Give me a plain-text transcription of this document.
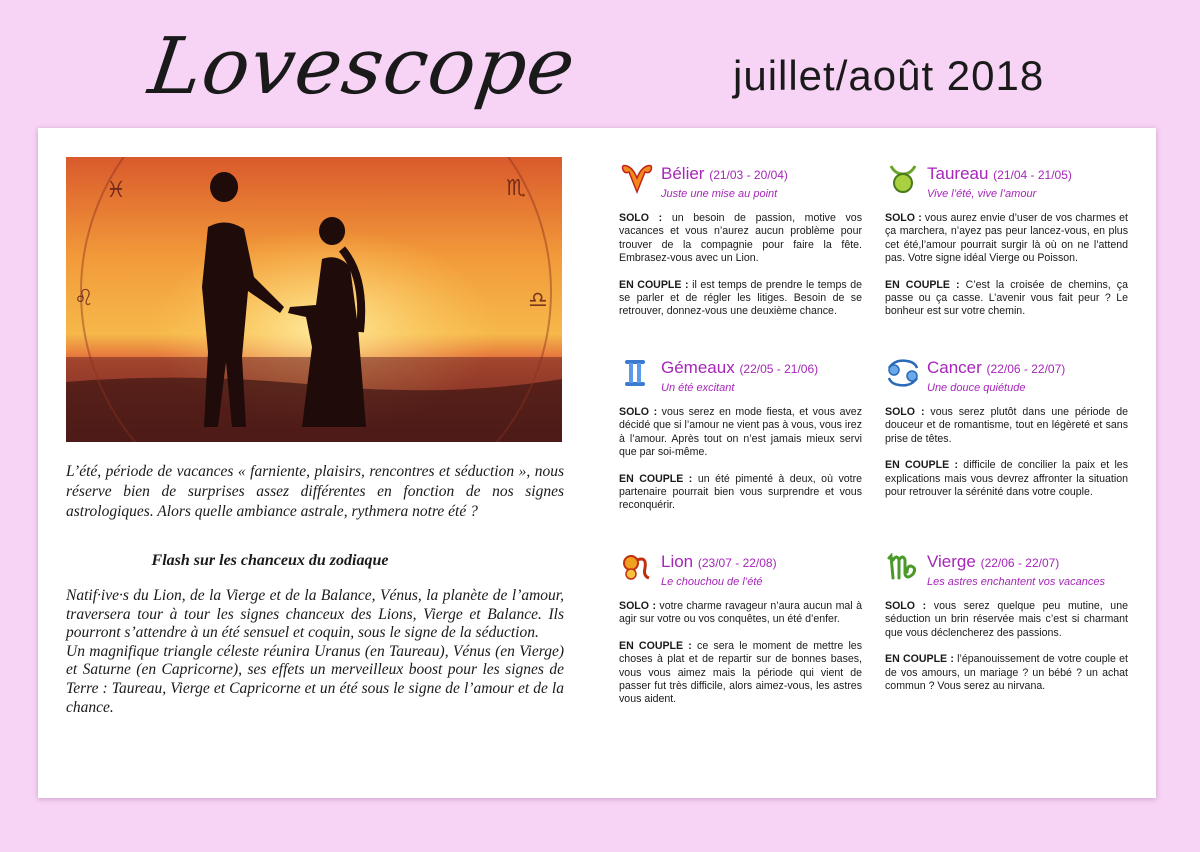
Lovescope	juillet/août 2018
♓	♏
♌	♎
L’été, période de vacances « farniente, plaisirs, rencontres et séduction », nous réserve bien de surprises assez différentes en fonction de nos signes astrologiques. Alors quelle ambiance astrale, rythmera notre été ?
Flash sur les chanceux du zodiaque

Natif·ive·s du Lion, de la Vierge et de la Balance, Vénus, la planète de l’amour, traversera tour à tour les signes chanceux des Lions, Vierge et Balance. Ils pourront s’attendre à un été sensuel et coquin, sous le signe de la séduction.

Un magnifique triangle céleste réunira Uranus (en Taureau), Vénus (en Vierge) et Saturne (en Capricorne), ses effets un merveilleux boost pour les signes de Terre : Taureau, Vierge et Capricorne et un été sous le signe de l’amour et de la chance.

Bélier (21/03 - 20/04)
Juste une mise au point

SOLO : un besoin de passion, motive vos vacances et vous n’aurez aucun problème pour trouver de la compagnie pour faire la fête. Embrasez-vous avec un Lion.

EN COUPLE : il est temps de prendre le temps de se parler et de régler les litiges. Besoin de se retrouver, donnez-vous une deuxième chance.

Taureau (21/04 - 21/05)
Vive l’été, vive l’amour

SOLO : vous aurez envie d’user de vos charmes et ça marchera, n’ayez pas peur lancez-vous, en plus cet été,l’amour pourrait surgir là où on ne l’attend pas. Votre signe idéal Vierge ou Poisson.

EN COUPLE : C’est la croisée de chemins, ça passe ou ça casse. L’avenir vous fait peur ? Le bonheur est sur votre chemin.

Gémeaux (22/05 - 21/06)
Un été excitant

SOLO : vous serez en mode fiesta, et vous avez décidé que si l’amour ne vient pas à vous, vous irez à l’amour. Après tout on n’est jamais mieux servi que par soi-même.

EN COUPLE : un été pimenté à deux, où votre partenaire pourrait bien vous surprendre et vous reconquérir.

Cancer (22/06 - 22/07)
Une douce quiétude

SOLO : vous serez plutôt dans une période de douceur et de romantisme, tout en légèreté et sans prise de têtes.

EN COUPLE : difficile de concilier la paix et les explications mais vous devrez affronter la situation pour retrouver la sérénité dans votre couple.

Lion (23/07 - 22/08)
Le chouchou de l’été

SOLO : votre charme ravageur n’aura aucun mal à agir sur votre ou vos conquêtes, un été d’enfer.

EN COUPLE : ce sera le moment de mettre les choses à plat et de repartir sur de bonnes bases, vous vous aimez mais la période qui vient de passer fut très difficile, alors aimez-vous, les astres vous aident.

Vierge (22/06 - 22/07)
Les astres enchantent vos vacances

SOLO : vous serez quelque peu mutine, une séduction un brin réservée mais c’est si charmant que vous déclencherez des passions.

EN COUPLE : l’épanouissement de votre couple et de vos amours, un mariage ? un bébé ? un achat commun ? Vous serez au nirvana.
